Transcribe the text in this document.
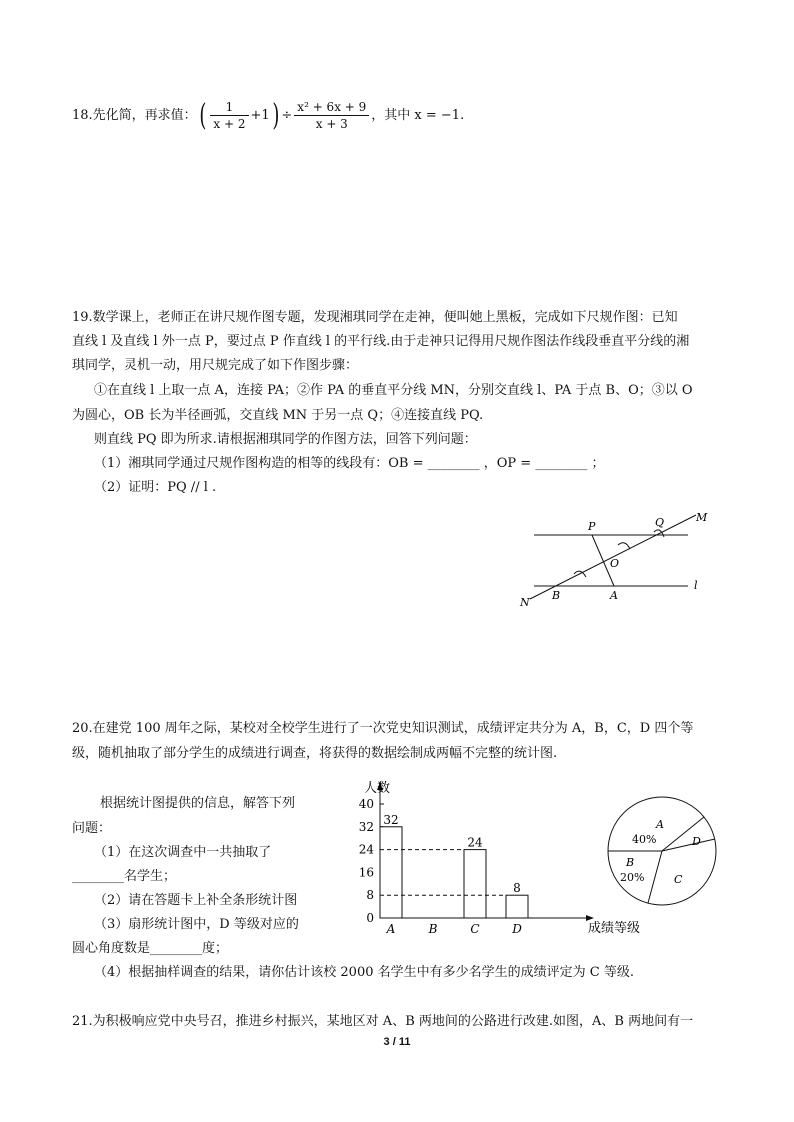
18.先化简，再求值：( $\frac{1}{x + 2} +1) \div \frac{\text{x² + 6x + 9}}{x + 3}$ ，其中 x = −1.
19.数学课上，老师正在讲尺规作图专题，发现湘琪同学在走神，便叫她上黑板，完成如下尺规作图：已知
直线 l 及直线 l 外一点 P，要过点 P 作直线 l 的平行线.由于走神只记得用尺规作图法作线段垂直平分线的湘
琪同学，灵机一动，用尺规完成了如下作图步骤：
①在直线 l 上取一点 A，连接 PA；②作 PA 的垂直平分线 MN，分别交直线 l、PA 于点 B、O；③以 O
为圆心，OB 长为半径画弧，交直线 MN 于另一点 Q；④连接直线 PQ.
则直线 PQ 即为所求.请根据湘琪同学的作图方法，回答下列问题：
（1）湘琪同学通过尺规作图构造的相等的线段有：OB = ________ ，OP = ________ ；
（2）证明：PQ // l .
P	Q	M
O
l
N
B	A
20.在建党 100 周年之际，某校对全校学生进行了一次党史知识测试，成绩评定共分为 A，B，C，D 四个等
级，随机抽取了部分学生的成绩进行调查，将获得的数据绘制成两幅不完整的统计图.
根据统计图提供的信息，解答下列
问题：
（1）在这次调查中一共抽取了
________名学生；
（2）请在答题卡上补全条形统计图
（3）扇形统计图中，D 等级对应的
圆心角度数是________度；
（4）根据抽样调查的结果，请你估计该校 2000 名学生中有多少名学生的成绩评定为 C 等级.
人数
成绩等级
0
8
16
24
32
40
A
32
B	C
24
D
8
A
40%	D
B
20%	C
21.为积极响应党中央号召，推进乡村振兴，某地区对 A、B 两地间的公路进行改建.如图，A、B 两地间有一
3 / 11
